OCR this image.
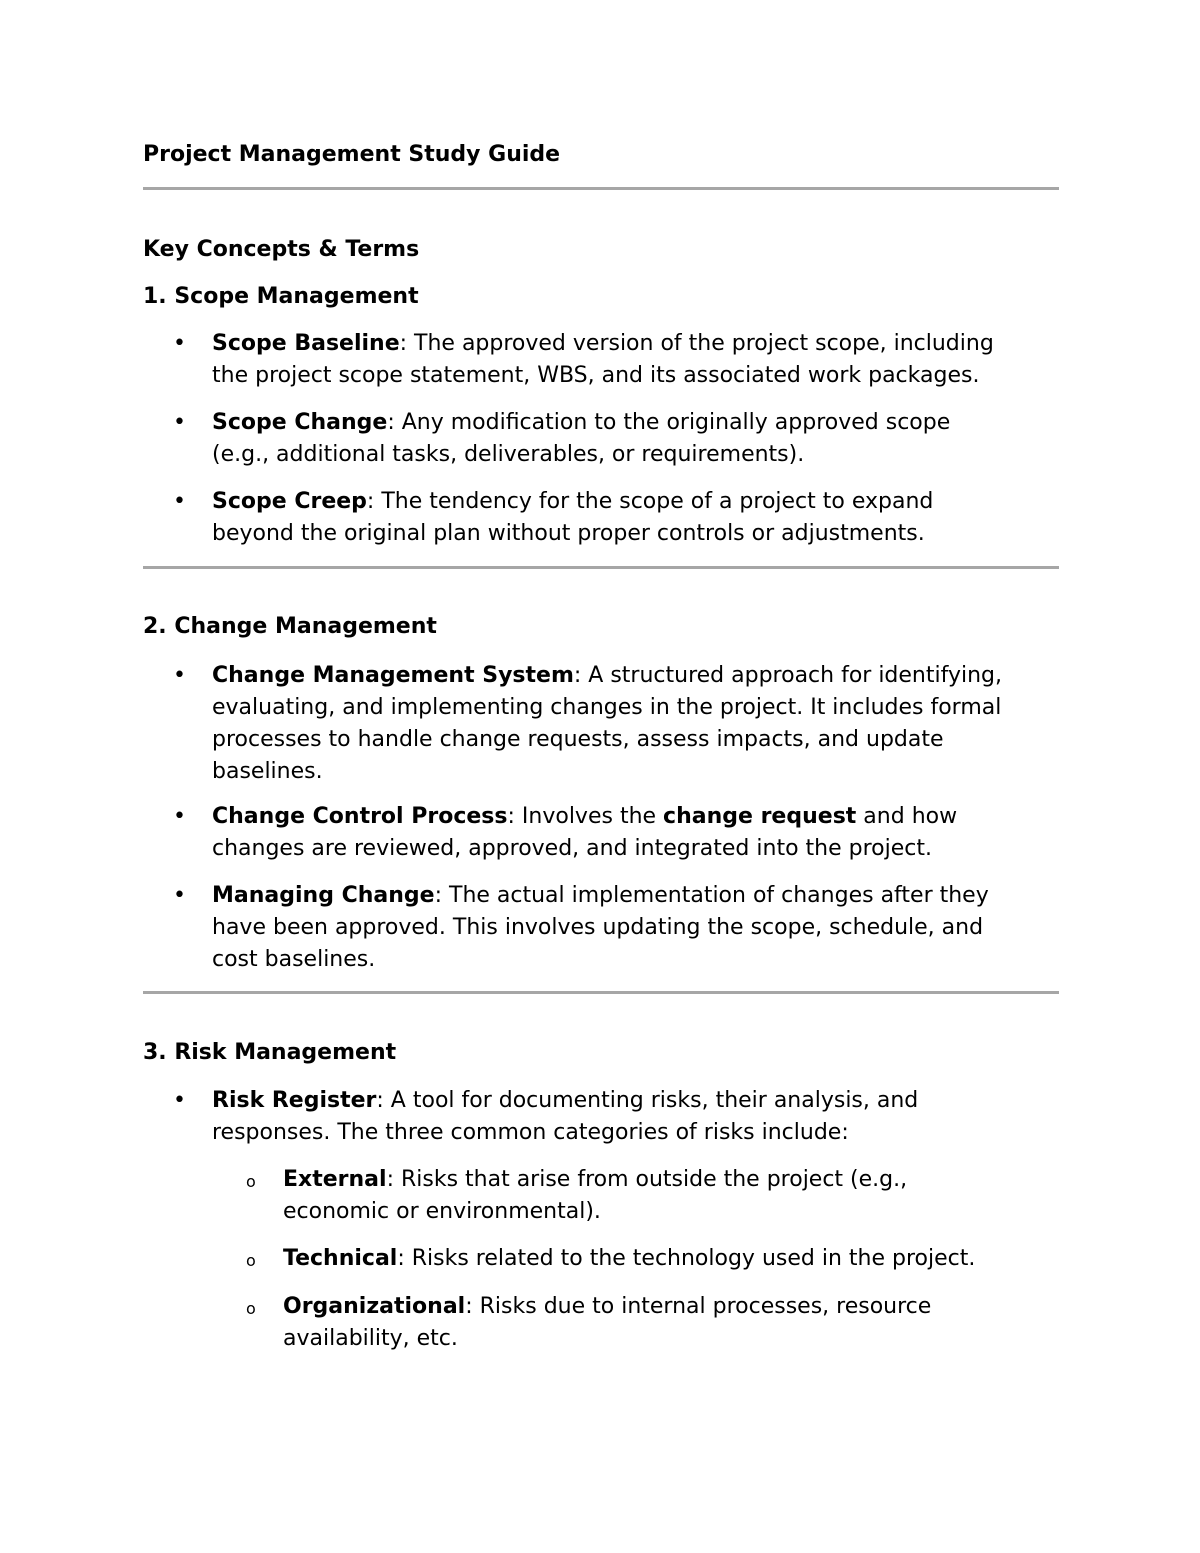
Project Management Study Guide
Key Concepts & Terms
1. Scope Management
•	Scope Baseline: The approved version of the project scope, including
the project scope statement, WBS, and its associated work packages.
•	Scope Change: Any modification to the originally approved scope
(e.g., additional tasks, deliverables, or requirements).
•	Scope Creep: The tendency for the scope of a project to expand
beyond the original plan without proper controls or adjustments.
2. Change Management
•	Change Management System: A structured approach for identifying,
evaluating, and implementing changes in the project. It includes formal
processes to handle change requests, assess impacts, and update
baselines.
•	Change Control Process: Involves the change request and how
changes are reviewed, approved, and integrated into the project.
•	Managing Change: The actual implementation of changes after they
have been approved. This involves updating the scope, schedule, and
cost baselines.
3. Risk Management
•	Risk Register: A tool for documenting risks, their analysis, and
responses. The three common categories of risks include:
o External: Risks that arise from outside the project (e.g.,
economic or environmental).
o Technical: Risks related to the technology used in the project.
o Organizational: Risks due to internal processes, resource
availability, etc.
